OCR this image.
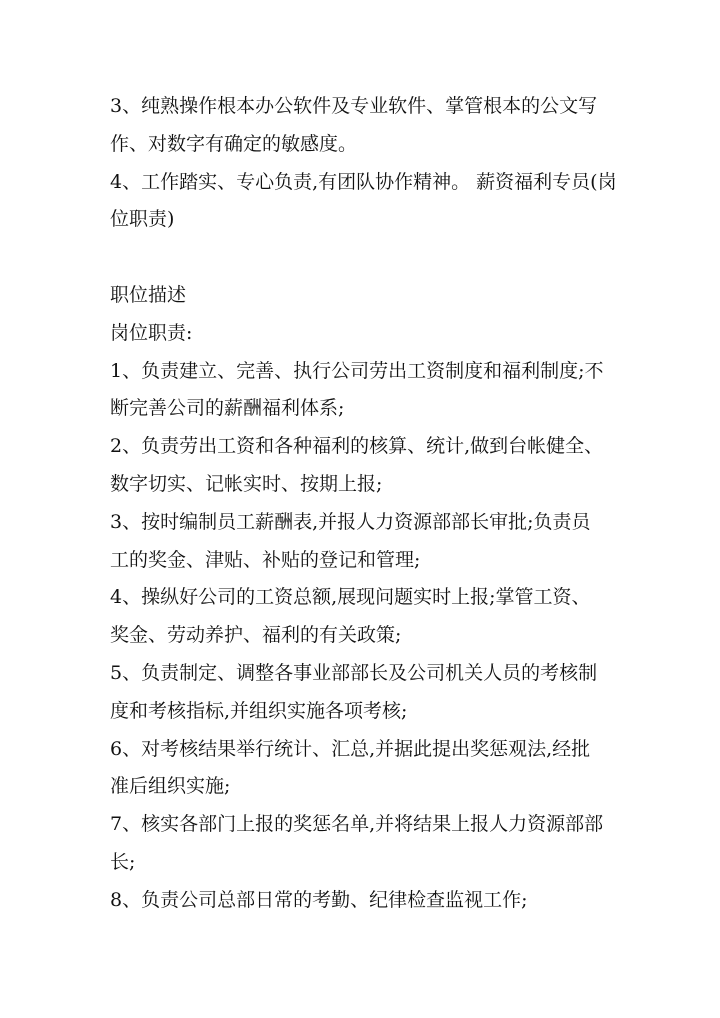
3、纯熟操作根本办公软件及专业软件、掌管根本的公文写
作、对数字有确定的敏感度。
4、工作踏实、专心负责,有团队协作精神。 薪资福利专员(岗
位职责)
职位描述
岗位职责:
1、负责建立、完善、执行公司劳出工资制度和福利制度;不
断完善公司的薪酬福利体系;
2、负责劳出工资和各种福利的核算、统计,做到台帐健全、
数字切实、记帐实时、按期上报;
3、按时编制员工薪酬表,并报人力资源部部长审批;负责员
工的奖金、津贴、补贴的登记和管理;
4、操纵好公司的工资总额,展现问题实时上报;掌管工资、
奖金、劳动养护、福利的有关政策;
5、负责制定、调整各事业部部长及公司机关人员的考核制
度和考核指标,并组织实施各项考核;
6、对考核结果举行统计、汇总,并据此提出奖惩观法,经批
准后组织实施;
7、核实各部门上报的奖惩名单,并将结果上报人力资源部部
长;
8、负责公司总部日常的考勤、纪律检查监视工作;
